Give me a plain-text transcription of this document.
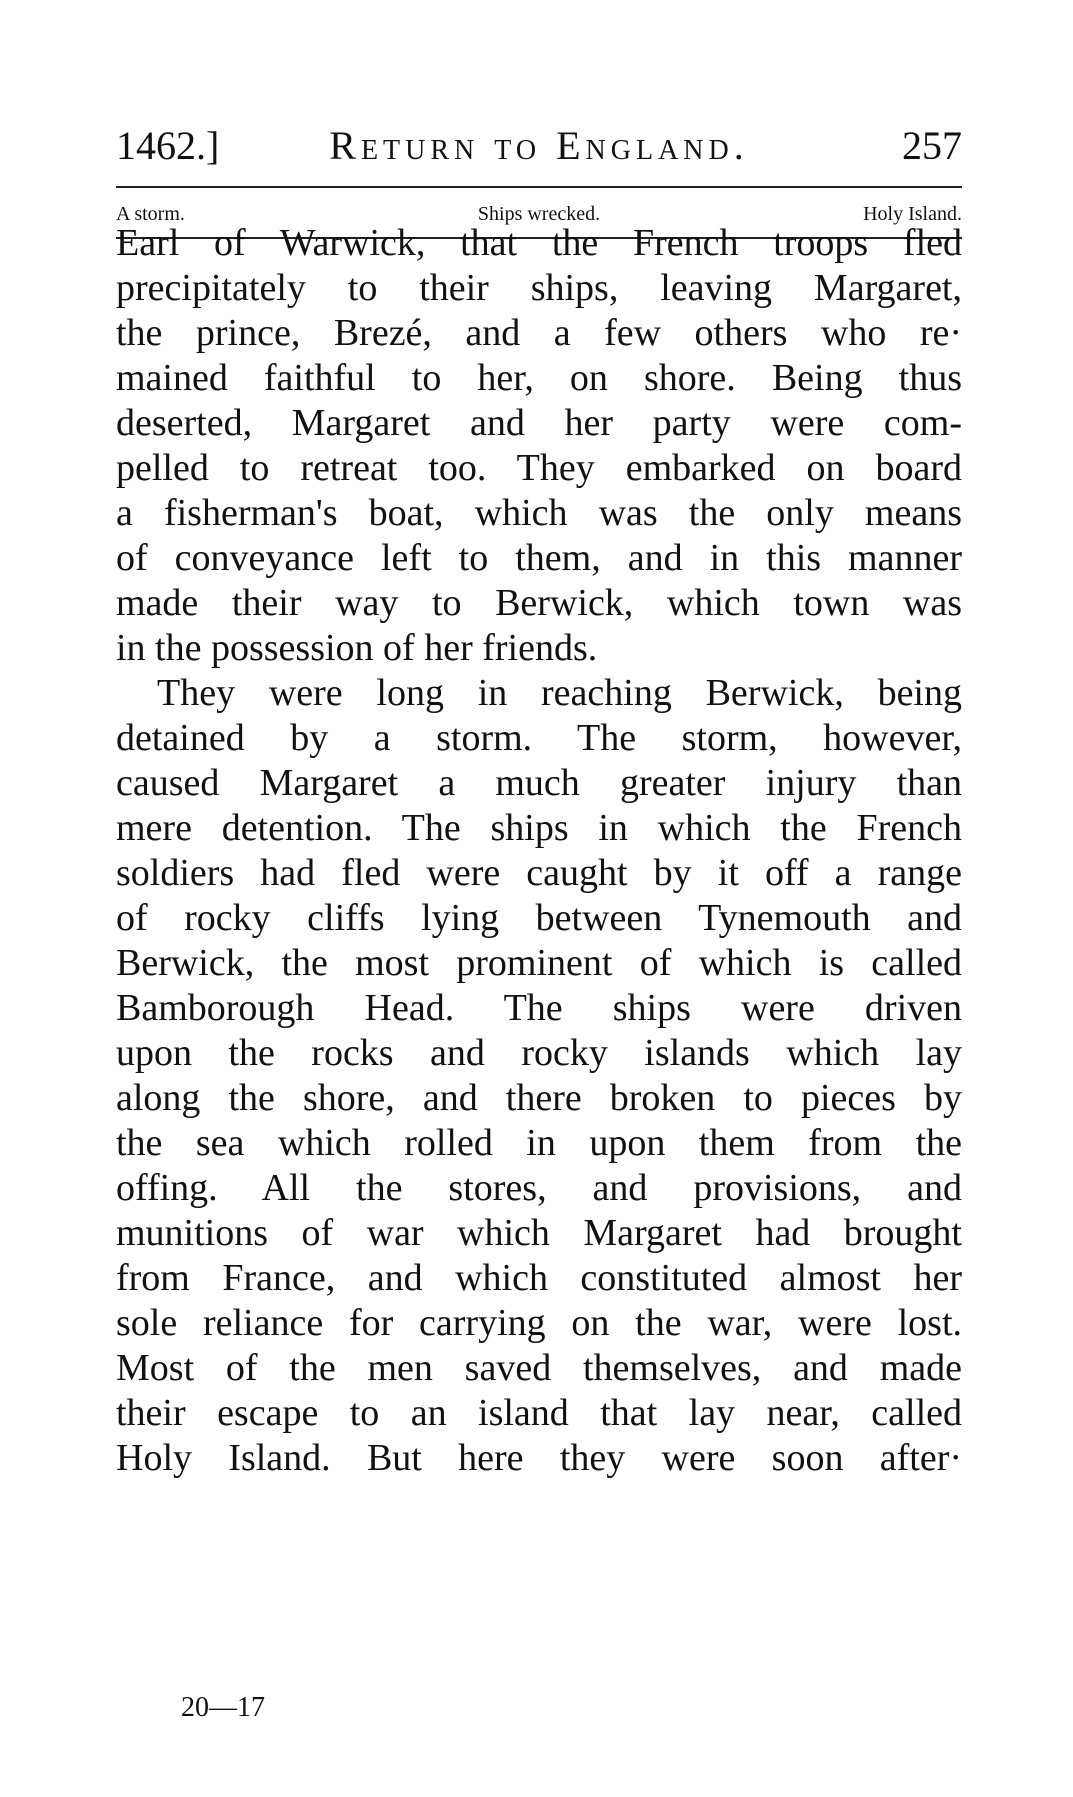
1462.]	Return to England.	257
A storm.	Ships wrecked.	Holy Island.
Earl of Warwick, that the French troops fled
precipitately to their ships, leaving Margaret,
the prince, Brezé, and a few others who re·
mained faithful to her, on shore. Being thus
deserted, Margaret and her party were com-
pelled to retreat too. They embarked on board
a fisherman's boat, which was the only means
of conveyance left to them, and in this manner
made their way to Berwick, which town was
in the possession of her friends.
They were long in reaching Berwick, being
detained by a storm. The storm, however,
caused Margaret a much greater injury than
mere detention. The ships in which the French
soldiers had fled were caught by it off a range
of rocky cliffs lying between Tynemouth and
Berwick, the most prominent of which is called
Bamborough Head. The ships were driven
upon the rocks and rocky islands which lay
along the shore, and there broken to pieces by
the sea which rolled in upon them from the
offing. All the stores, and provisions, and
munitions of war which Margaret had brought
from France, and which constituted almost her
sole reliance for carrying on the war, were lost.
Most of the men saved themselves, and made
their escape to an island that lay near, called
Holy Island. But here they were soon after·
20—17
